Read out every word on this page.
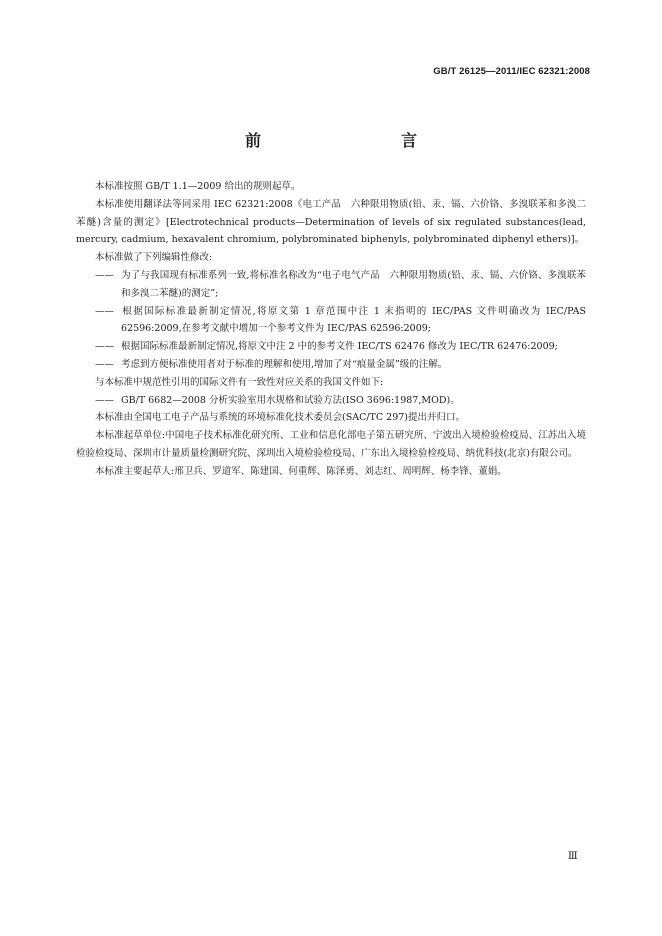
GB/T 26125—2011/IEC 62321:2008
前　　言

本标准按照 GB/T 1.1—2009 给出的规则起草。

本标准使用翻译法等同采用 IEC 62321:2008《电工产品　六种限用物质(铅、汞、镉、六价铬、多溴联苯和多溴二苯醚)含量的测定》[Electrotechnical products—Determination of levels of six regulated substances(lead, mercury, cadmium, hexavalent chromium, polybrominated biphenyls, polybrominated diphenyl ethers)]。

本标准做了下列编辑性修改:

—— 为了与我国现有标准系列一致,将标准名称改为“电子电气产品　六种限用物质(铅、汞、镉、六价铬、多溴联苯和多溴二苯醚)的测定”;

—— 根据国际标准最新制定情况,将原文第 1 章范围中注 1 末指明的 IEC/PAS 文件明确改为 IEC/PAS 62596:2009,在参考文献中增加一个参考文件为 IEC/PAS 62596:2009;

—— 根据国际标准最新制定情况,将原文中注 2 中的参考文件 IEC/TS 62476 修改为 IEC/TR 62476:2009;

—— 考虑到方便标准使用者对于标准的理解和使用,增加了对“痕量金属”级的注解。

与本标准中规范性引用的国际文件有一致性对应关系的我国文件如下:

—— GB/T 6682—2008 分析实验室用水规格和试验方法(ISO 3696:1987,MOD)。

本标准由全国电工电子产品与系统的环境标准化技术委员会(SAC/TC 297)提出并归口。

本标准起草单位:中国电子技术标准化研究所、工业和信息化部电子第五研究所、宁波出入境检验检疫局、江苏出入境检验检疫局、深圳市计量质量检测研究院、深圳出入境检验检疫局、广东出入境检验检疫局、纳优科技(北京)有限公司。

本标准主要起草人:邢卫兵、罗道军、陈建国、何重辉、陈泽勇、刘志红、周明辉、杨李锋、董娟。

Ⅲ
